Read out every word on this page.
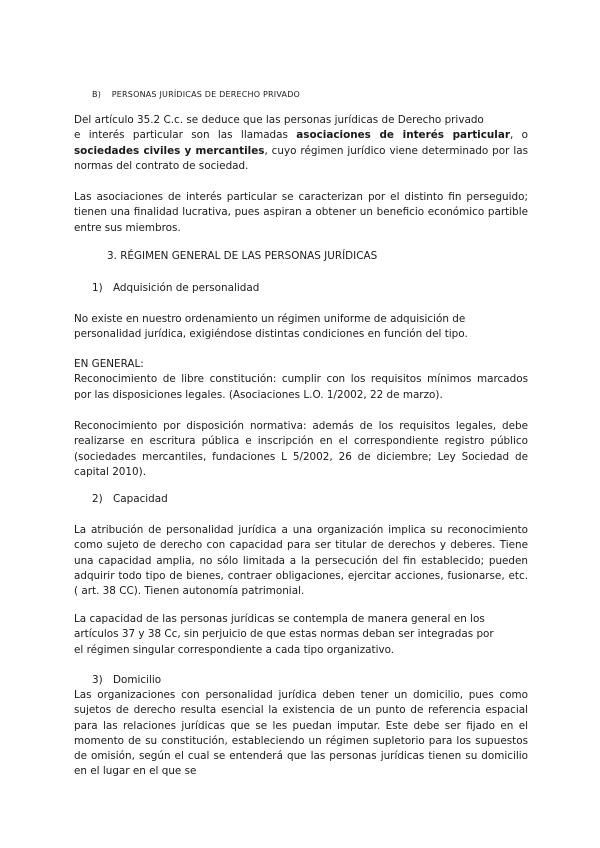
B) PERSONAS JURÍDICAS DE DERECHO PRIVADO
Del artículo 35.2 C.c. se deduce que las personas jurídicas de Derecho privado
e interés particular son las llamadas asociaciones de interés particular, o sociedades civiles y mercantiles, cuyo régimen jurídico viene determinado por las normas del contrato de sociedad.
Las asociaciones de interés particular se caracterizan por el distinto fin perseguido; tienen una finalidad lucrativa, pues aspiran a obtener un beneficio económico partible entre sus miembros.
3. RÉGIMEN GENERAL DE LAS PERSONAS JURÍDICAS
1) Adquisición de personalidad
No existe en nuestro ordenamiento un régimen uniforme de adquisición de
personalidad jurídica, exigiéndose distintas condiciones en función del tipo.
EN GENERAL:
Reconocimiento de libre constitución: cumplir con los requisitos mínimos marcados por las disposiciones legales. (Asociaciones L.O. 1/2002, 22 de marzo).
Reconocimiento por disposición normativa: además de los requisitos legales, debe realizarse en escritura pública e inscripción en el correspondiente registro público (sociedades mercantiles, fundaciones L 5/2002, 26 de diciembre; Ley Sociedad de capital 2010).
2) Capacidad
La atribución de personalidad jurídica a una organización implica su reconocimiento como sujeto de derecho con capacidad para ser titular de derechos y deberes. Tiene una capacidad amplia, no sólo limitada a la persecución del fin establecido; pueden adquirir todo tipo de bienes, contraer obligaciones, ejercitar acciones, fusionarse, etc. ( art. 38 CC). Tienen autonomía patrimonial.
La capacidad de las personas jurídicas se contempla de manera general en los
artículos 37 y 38 Cc, sin perjuicio de que estas normas deban ser integradas por
el régimen singular correspondiente a cada tipo organizativo.
3) Domicilio
Las organizaciones con personalidad jurídica deben tener un domicilio, pues como sujetos de derecho resulta esencial la existencia de un punto de referencia espacial para las relaciones jurídicas que se les puedan imputar. Este debe ser fijado en el momento de su constitución, estableciendo un régimen supletorio para los supuestos de omisión, según el cual se entenderá que las personas jurídicas tienen su domicilio en el lugar en el que se
